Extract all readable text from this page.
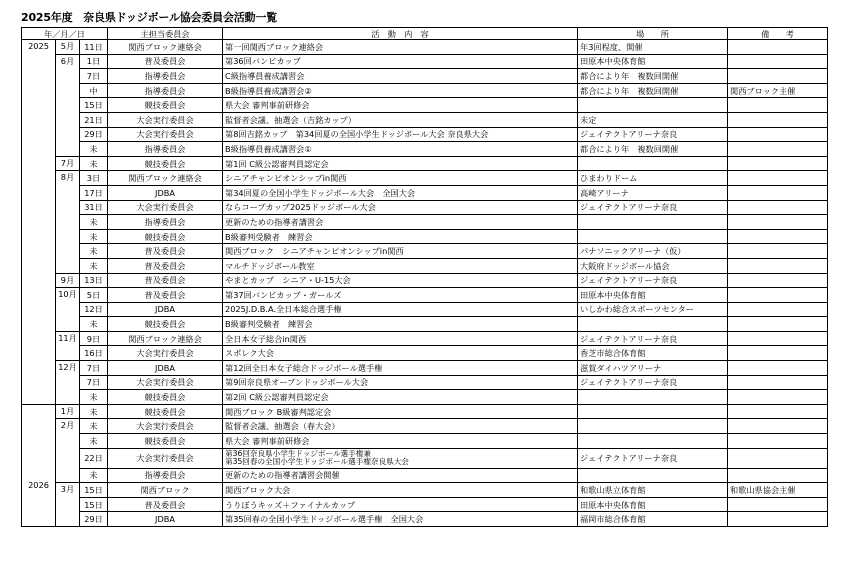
2025年度　奈良県ドッジボール協会委員会活動一覧
年／月／日			主担当委員会	活　動　内　容	場　　所	備　　考
2025	5月	11日	関西ブロック連絡会	第一回関西ブロック連絡会	年3回程度、開催	
	6月	1日	普及委員会	第36回バンビカップ	田原本中央体育館	
		7日	指導委員会	C級指導員養成講習会	都合により年　複数回開催	
		中	指導委員会	B級指導員養成講習会②	都合により年　複数回開催	関西ブロック主催
		15日	競技委員会	県大会 審判事前研修会		
		21日	大会実行委員会	監督者会議、抽選会（吉銘カップ）	未定	
		29日	大会実行委員会	第8回吉銘カップ　第34回夏の全国小学生ドッジボール大会 奈良県大会	ジェイテクトアリーナ奈良	
		未	指導委員会	B級指導員養成講習会①	都合により年　複数回開催	
	7月	未	競技委員会	第1回 C級公認審判員認定会		
	8月	3日	関西ブロック連絡会	シニアチャンピオンシップin関西	ひまわりドーム	
		17日	JDBA	第34回夏の全国小学生ドッジボール大会　全国大会	高崎アリーナ	
		31日	大会実行委員会	ならコープカップ2025ドッジボール大会	ジェイテクトアリーナ奈良	
		未	指導委員会	更新のための指導者講習会		
		未	競技委員会	B級審判受験者　練習会		
		未	普及委員会	関西ブロック　シニアチャンピオンシップin関西	パナソニックアリーナ（仮）	
		未	普及委員会	マルチドッジボール教室	大阪府ドッジボール協会	
	9月	13日	普及委員会	やまとカップ　シニア・U-15大会	ジェイテクトアリーナ奈良	
	10月	5日	普及委員会	第37回バンビカップ・ガールズ	田原本中央体育館	
		12日	JDBA	2025J.D.B.A.全日本総合選手権	いしかわ総合スポーツセンター	
		未	競技委員会	B級審判受験者　練習会		
	11月	9日	関西ブロック連絡会	全日本女子総合in関西	ジェイテクトアリーナ奈良	
		16日	大会実行委員会	スポレク大会	香芝市総合体育館	
	12月	7日	JDBA	第12回全日本女子総合ドッジボール選手権	滋賀ダイハツアリーナ	
		7日	大会実行委員会	第9回奈良県オープンドッジボール大会	ジェイテクトアリーナ奈良	
		未	競技委員会	第2回 C級公認審判員認定会		
2026	1月	未	競技委員会	関西ブロック B級審判認定会		
	2月	未	大会実行委員会	監督者会議、抽選会（春大会）		
		未	競技委員会	県大会 審判事前研修会		
		22日	大会実行委員会	第36回奈良県小学生ドッジボール選手権兼
第35回春の全国小学生ドッジボール選手権奈良県大会	ジェイテクトアリーナ奈良	
		未	指導委員会	更新のための指導者講習会開催		
	3月	15日	関西ブロック	関西ブロック大会	和歌山県立体育館	和歌山県協会主催
		15日	普及委員会	うりぼうキッズ＋ファイナルカップ	田原本中央体育館	
		29日	JDBA	第35回春の全国小学生ドッジボール選手権　全国大会	福岡市総合体育館	
